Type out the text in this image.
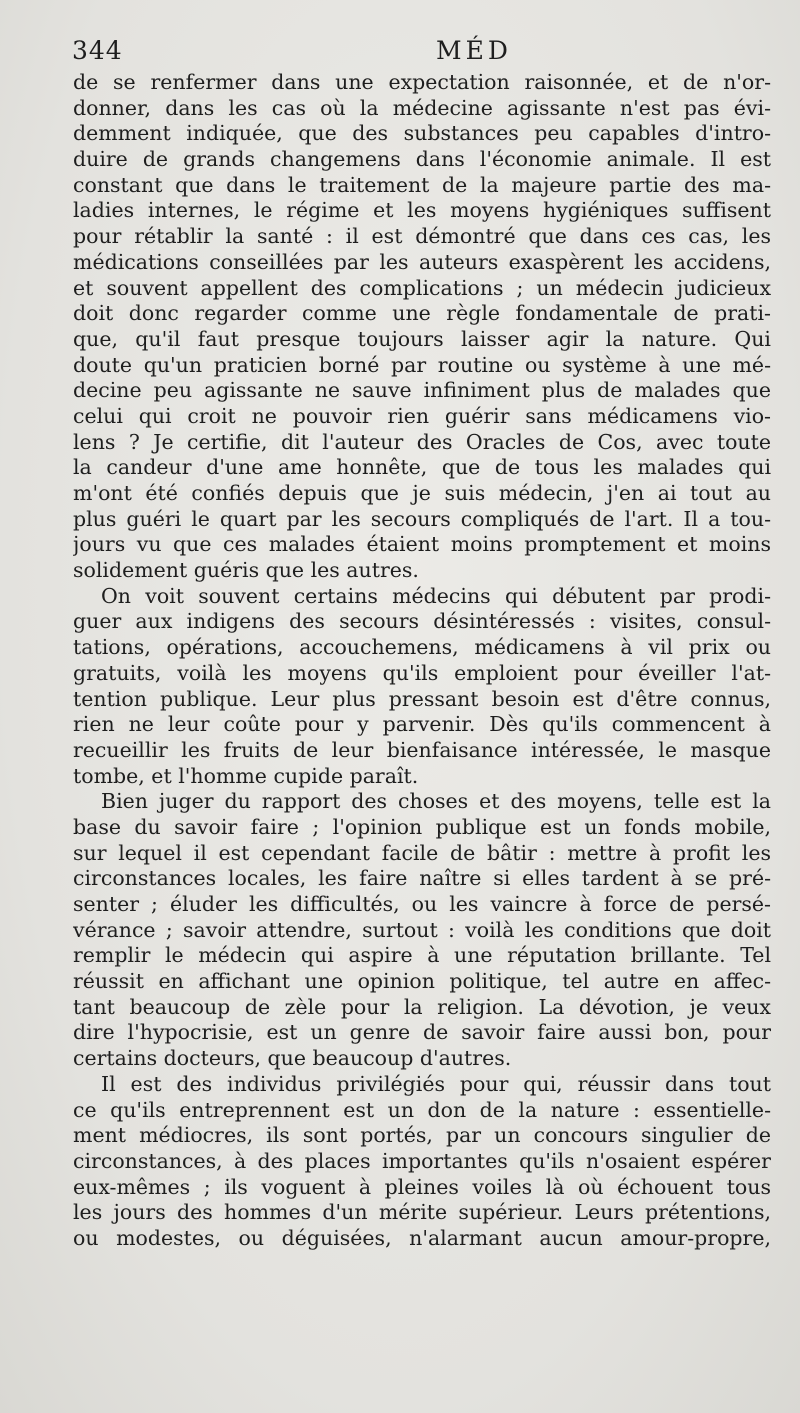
344	MÉD
de se renfermer dans une expectation raisonnée, et de n'or-
donner, dans les cas où la médecine agissante n'est pas évi-
demment indiquée, que des substances peu capables d'intro-
duire de grands changemens dans l'économie animale. Il est
constant que dans le traitement de la majeure partie des ma-
ladies internes, le régime et les moyens hygiéniques suffisent
pour rétablir la santé : il est démontré que dans ces cas, les
médications conseillées par les auteurs exaspèrent les accidens,
et souvent appellent des complications ; un médecin judicieux
doit donc regarder comme une règle fondamentale de prati-
que, qu'il faut presque toujours laisser agir la nature. Qui
doute qu'un praticien borné par routine ou système à une mé-
decine peu agissante ne sauve infiniment plus de malades que
celui qui croit ne pouvoir rien guérir sans médicamens vio-
lens ? Je certifie, dit l'auteur des Oracles de Cos, avec toute
la candeur d'une ame honnête, que de tous les malades qui
m'ont été confiés depuis que je suis médecin, j'en ai tout au
plus guéri le quart par les secours compliqués de l'art. Il a tou-
jours vu que ces malades étaient moins promptement et moins
solidement guéris que les autres.
On voit souvent certains médecins qui débutent par prodi-
guer aux indigens des secours désintéressés : visites, consul-
tations, opérations, accouchemens, médicamens à vil prix ou
gratuits, voilà les moyens qu'ils emploient pour éveiller l'at-
tention publique. Leur plus pressant besoin est d'être connus,
rien ne leur coûte pour y parvenir. Dès qu'ils commencent à
recueillir les fruits de leur bienfaisance intéressée, le masque
tombe, et l'homme cupide paraît.
Bien juger du rapport des choses et des moyens, telle est la
base du savoir faire ; l'opinion publique est un fonds mobile,
sur lequel il est cependant facile de bâtir : mettre à profit les
circonstances locales, les faire naître si elles tardent à se pré-
senter ; éluder les difficultés, ou les vaincre à force de persé-
vérance ; savoir attendre, surtout : voilà les conditions que doit
remplir le médecin qui aspire à une réputation brillante. Tel
réussit en affichant une opinion politique, tel autre en affec-
tant beaucoup de zèle pour la religion. La dévotion, je veux
dire l'hypocrisie, est un genre de savoir faire aussi bon, pour
certains docteurs, que beaucoup d'autres.
Il est des individus privilégiés pour qui, réussir dans tout
ce qu'ils entreprennent est un don de la nature : essentielle-
ment médiocres, ils sont portés, par un concours singulier de
circonstances, à des places importantes qu'ils n'osaient espérer
eux-mêmes ; ils voguent à pleines voiles là où échouent tous
les jours des hommes d'un mérite supérieur. Leurs prétentions,
ou modestes, ou déguisées, n'alarmant aucun amour-propre,
